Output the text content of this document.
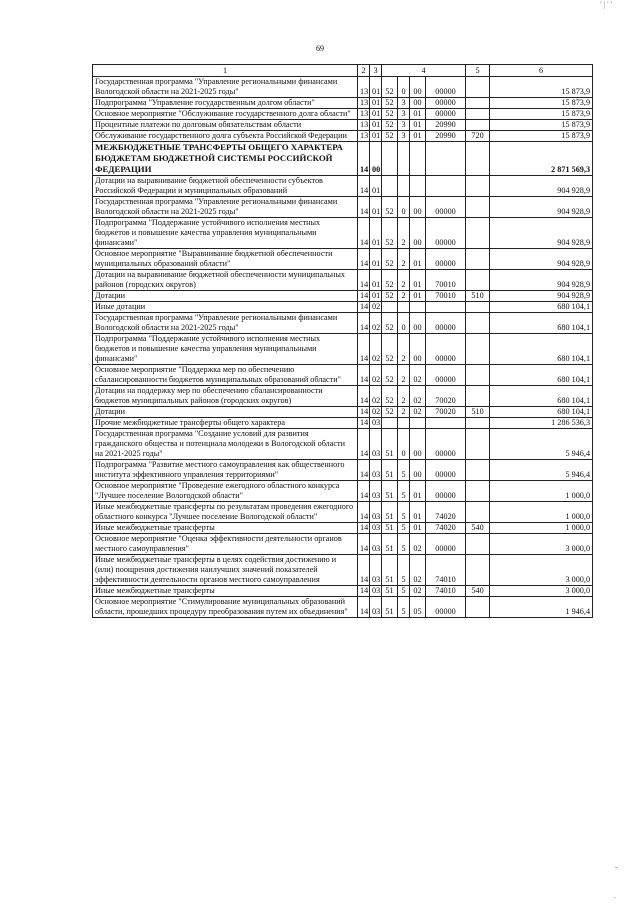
' | ' '
69
1	2	3	4				5	6
Государственная программа "Управление региональными финансами Вологодской области на 2021-2025 годы"	13	01	52	0	00	00000		15 873,9
Подпрограмма "Управление государственным долгом области"	13	01	52	3	00	00000		15 873,9
Основное мероприятие "Обслуживание государственного долга области"	13	01	52	3	01	00000		15 873,9
Процентные платежи по долговым обязательствам области	13	01	52	3	01	20990		15 873,9
Обслуживание государственного долга субъекта Российской Федерации	13	01	52	3	01	20990	720	15 873,9
МЕЖБЮДЖЕТНЫЕ ТРАНСФЕРТЫ ОБЩЕГО ХАРАКТЕРА БЮДЖЕТАМ БЮДЖЕТНОЙ СИСТЕМЫ РОССИЙСКОЙ ФЕДЕРАЦИИ	14	00						2 871 569,3
Дотации на выравнивание бюджетной обеспеченности субъектов Российской Федерации и муниципальных образований	14	01						904 928,9
Государственная программа "Управление региональными финансами Вологодской области на 2021-2025 годы"	14	01	52	0	00	00000		904 928,9
Подпрограмма "Поддержание устойчивого исполнения местных бюджетов и повышение качества управления муниципальными финансами"	14	01	52	2	00	00000		904 928,9
Основное мероприятие "Выравнивание бюджетной обеспеченности муниципальных образований области"	14	01	52	2	01	00000		904 928,9
Дотации на выравнивание бюджетной обеспеченности муниципальных районов (городских округов)	14	01	52	2	01	70010		904 928,9
Дотации	14	01	52	2	01	70010	510	904 928,9
Иные дотации	14	02						680 104,1
Государственная программа "Управление региональными финансами Вологодской области на 2021-2025 годы"	14	02	52	0	00	00000		680 104,1
Подпрограмма "Поддержание устойчивого исполнения местных бюджетов и повышение качества управления муниципальными финансами"	14	02	52	2	00	00000		680 104,1
Основное мероприятие "Поддержка мер по обеспечению сбалансированности бюджетов муниципальных образований области"	14	02	52	2	02	00000		680 104,1
Дотации на поддержку мер по обеспечению сбалансированности бюджетов муниципальных районов (городских округов)	14	02	52	2	02	70020		680 104,1
Дотации	14	02	52	2	02	70020	510	680 104,1
Прочие межбюджетные трансферты общего характера	14	03						1 286 536,3
Государственная программа "Создание условий для развития гражданского общества и потенциала молодежи в Вологодской области на 2021-2025 годы"	14	03	51	0	00	00000		5 946,4
Подпрограмма "Развитие местного самоуправления как общественного института эффективного управления территориями"	14	03	51	5	00	00000		5 946,4
Основное мероприятие "Проведение ежегодного областного конкурса "Лучшее поселение Вологодской области"	14	03	51	5	01	00000		1 000,0
Иные межбюджетные трансферты по результатам проведения ежегодного областного конкурса "Лучшее поселение Вологодской области"	14	03	51	5	01	74020		1 000,0
Иные межбюджетные трансферты	14	03	51	5	01	74020	540	1 000,0
Основное мероприятие "Оценка эффективности деятельности органов местного самоуправления"	14	03	51	5	02	00000		3 000,0
Иные межбюджетные трансферты в целях содействия достижению и (или) поощрения достижения наилучших значений показателей эффективности деятельности органов местного самоуправления	14	03	51	5	02	74010		3 000,0
Иные межбюджетные трансферты	14	03	51	5	02	74010	540	3 000,0
Основное мероприятие "Стимулирование муниципальных образований области, прошедших процедуру преобразования путем их объединения"	14	03	51	5	05	00000		1 946,4
-
-
